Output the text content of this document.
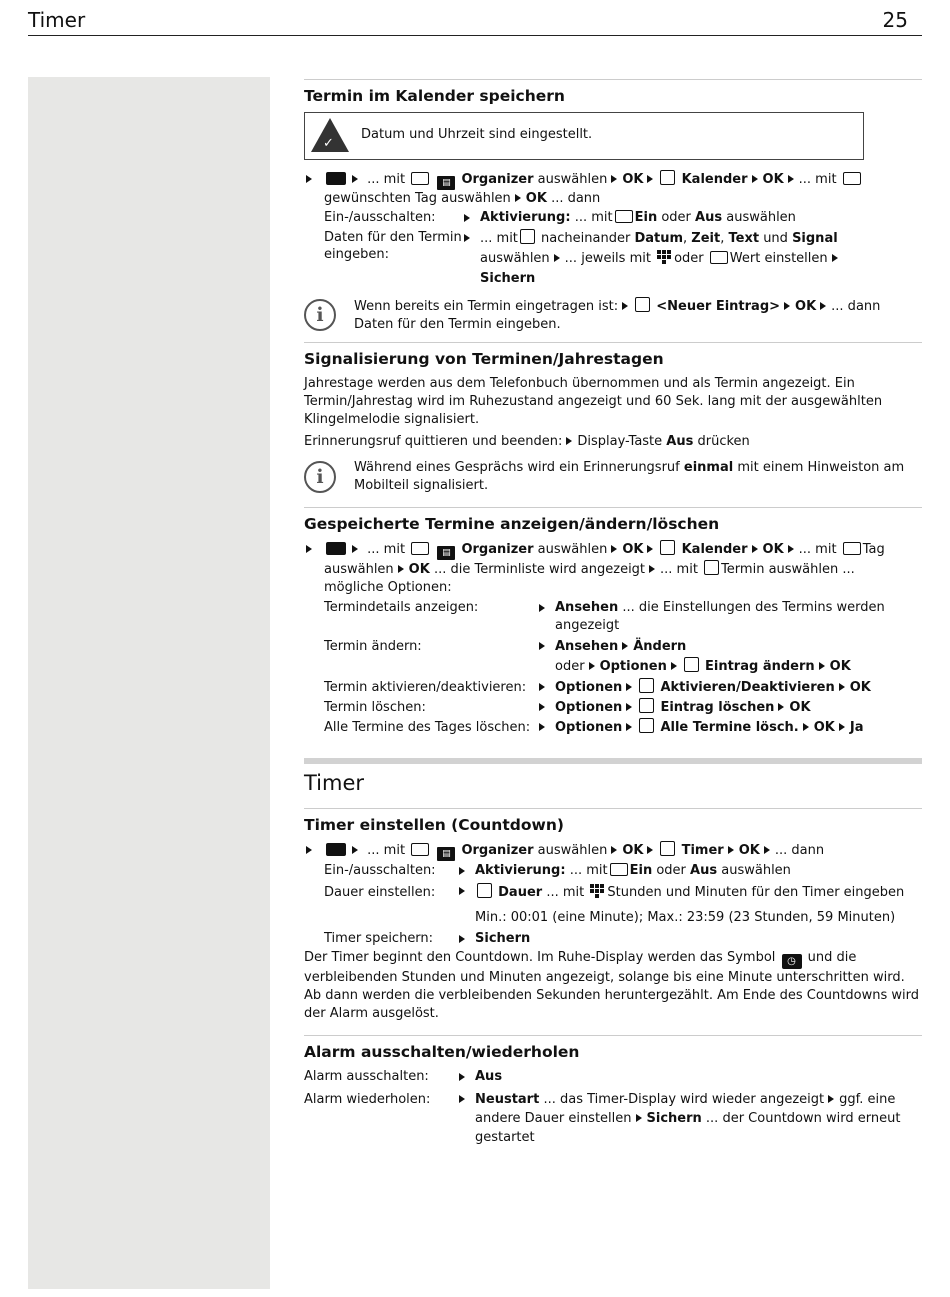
Timer	25
Termin im Kalender speichern
✓
Datum und Uhrzeit sind eingestellt.
... mit	▤ Organizer auswählen OK	Kalender OK ... mit
gewünschten Tag auswählen OK ... dann
Ein-/ausschalten:	Aktivierung: ... mit Ein oder Aus auswählen
Daten für den Termin eingeben:
... mit nacheinander Datum, Zeit, Text und Signal
auswählen ... jeweils mit oder Wert einstellen
Sichern
i	Wenn bereits ein Termin eingetragen ist:	<Neuer Eintrag> OK ... dann
Daten für den Termin eingeben.
Signalisierung von Terminen/Jahrestagen

Jahrestage werden aus dem Telefonbuch übernommen und als Termin angezeigt. Ein Termin/Jahrestag wird im Ruhezustand angezeigt und 60 Sek. lang mit der ausgewählten Klingelmelodie signalisiert.

Erinnerungsruf quittieren und beenden: Display-Taste Aus drücken

i	Während eines Gesprächs wird ein Erinnerungsruf einmal mit einem Hinweiston am Mobilteil signalisiert.
Gespeicherte Termine anzeigen/ändern/löschen
... mit	▤ Organizer auswählen OK	Kalender OK ... mit Tag
auswählen OK ... die Terminliste wird angezeigt ... mit Termin auswählen ...
mögliche Optionen:
Termindetails anzeigen:	Ansehen ... die Einstellungen des Termins werden angezeigt
Termin ändern:	Ansehen Ändern
oder Optionen	Eintrag ändern OK
Termin aktivieren/deaktivieren:	Optionen	Aktivieren/Deaktivieren OK
Termin löschen:	Optionen	Eintrag löschen OK
Alle Termine des Tages löschen:	Optionen	Alle Termine lösch. OK Ja
Timer
Timer einstellen (Countdown)
... mit	▤ Organizer auswählen OK	Timer OK ... dann
Ein-/ausschalten:	Aktivierung: ... mit Ein oder Aus auswählen
Dauer einstellen:	Dauer ... mit Stunden und Minuten für den Timer eingeben
Min.: 00:01 (eine Minute); Max.: 23:59 (23 Stunden, 59 Minuten)
Timer speichern:	Sichern

Der Timer beginnt den Countdown. Im Ruhe-Display werden das Symbol ◷ und die verbleibenden Stunden und Minuten angezeigt, solange bis eine Minute unterschritten wird. Ab dann werden die verbleibenden Sekunden heruntergezählt. Am Ende des Countdowns wird der Alarm ausgelöst.

Alarm ausschalten/wiederholen
Alarm ausschalten:	Aus
Alarm wiederholen:	Neustart ... das Timer-Display wird wieder angezeigt ggf. eine andere Dauer einstellen Sichern ... der Countdown wird erneut gestartet
